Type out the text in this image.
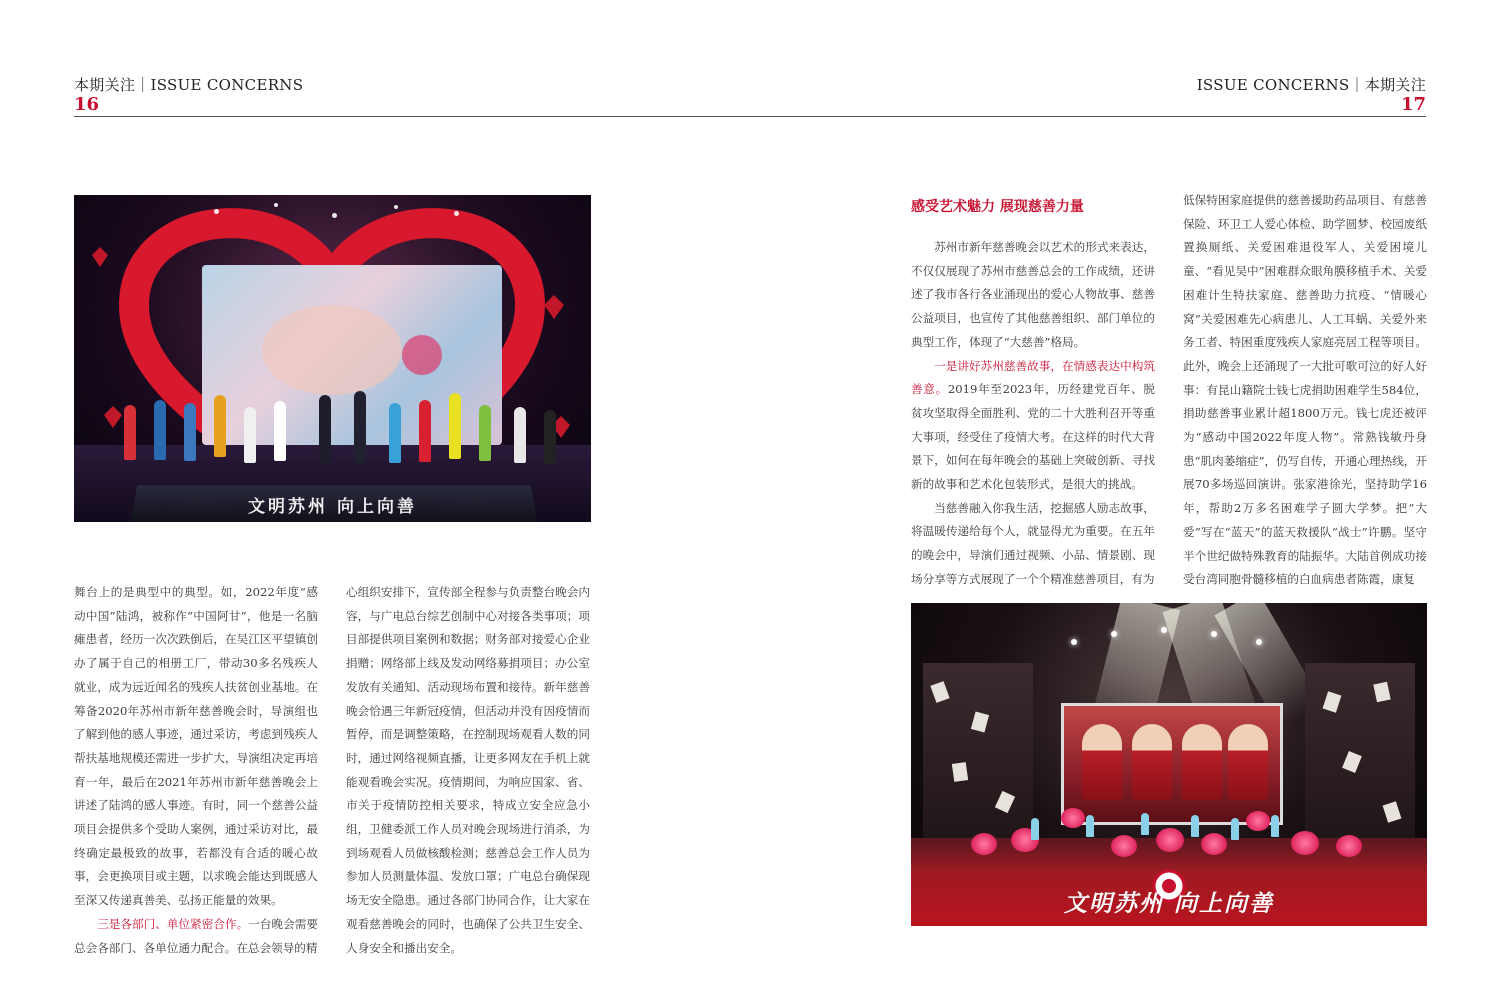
本期关注｜ISSUE CONCERNS
16
ISSUE CONCERNS｜本期关注
17
文明苏州 向上向善
感受艺术魅力 展现慈善力量

苏州市新年慈善晚会以艺术的形式来表达，不仅仅展现了苏州市慈善总会的工作成绩，还讲述了我市各行各业涌现出的爱心人物故事、慈善公益项目，也宣传了其他慈善组织、部门单位的典型工作，体现了“大慈善”格局。

一是讲好苏州慈善故事，在情感表达中构筑善意。2019年至2023年，历经建党百年、脱贫攻坚取得全面胜利、党的二十大胜利召开等重大事项，经受住了疫情大考。在这样的时代大背景下，如何在每年晚会的基础上突破创新、寻找新的故事和艺术化包装形式，是很大的挑战。

当慈善融入你我生活，挖掘感人励志故事，将温暖传递给每个人，就显得尤为重要。在五年的晚会中，导演们通过视频、小品、情景剧、现场分享等方式展现了一个个精准慈善项目，有为

低保特困家庭提供的慈善援助药品项目、有慈善保险、环卫工人爱心体检、助学圆梦、校园废纸置换厕纸、关爱困难退役军人、关爱困境儿童、“看见吴中”困难群众眼角膜移植手术、关爱困难计生特扶家庭、慈善助力抗疫、“情暖心窝”关爱困难先心病患儿、人工耳蜗、关爱外来务工者、特困重度残疾人家庭亮居工程等项目。此外，晚会上还涌现了一大批可歌可泣的好人好事：有昆山籍院士钱七虎捐助困难学生584位，捐助慈善事业累计超1800万元。钱七虎还被评为“感动中国2022年度人物”。常熟钱敏丹身患“肌肉萎缩症”，仍写自传，开通心理热线，开展70多场巡回演讲。张家港徐光，坚持助学16年，帮助2万多名困难学子圆大学梦。把“大爱”写在“蓝天”的蓝天救援队“战士”许鹏。坚守半个世纪做特殊教育的陆振华。大陆首例成功接受台湾同胞骨髓移植的白血病患者陈霞，康复

舞台上的是典型中的典型。如，2022年度“感动中国”陆鸿，被称作“中国阿甘”，他是一名脑瘫患者，经历一次次跌倒后，在吴江区平望镇创办了属于自己的相册工厂，带动30多名残疾人就业，成为远近闻名的残疾人扶贫创业基地。在筹备2020年苏州市新年慈善晚会时，导演组也了解到他的感人事迹，通过采访，考虑到残疾人帮扶基地规模还需进一步扩大，导演组决定再培育一年，最后在2021年苏州市新年慈善晚会上讲述了陆鸿的感人事迹。有时，同一个慈善公益项目会提供多个受助人案例，通过采访对比，最终确定最极致的故事，若都没有合适的暖心故事，会更换项目或主题，以求晚会能达到既感人至深又传递真善美、弘扬正能量的效果。

三是各部门、单位紧密合作。一台晚会需要总会各部门、各单位通力配合。在总会领导的精

心组织安排下，宣传部全程参与负责整台晚会内容，与广电总台综艺创制中心对接各类事项；项目部提供项目案例和数据；财务部对接爱心企业捐赠；网络部上线及发动网络募捐项目；办公室发放有关通知、活动现场布置和接待。新年慈善晚会恰遇三年新冠疫情，但活动并没有因疫情而暂停，而是调整策略，在控制现场观看人数的同时，通过网络视频直播，让更多网友在手机上就能观看晚会实况。疫情期间，为响应国家、省、市关于疫情防控相关要求，特成立安全应急小组，卫健委派工作人员对晚会现场进行消杀，为到场观看人员做核酸检测；慈善总会工作人员为参加人员测量体温、发放口罩；广电总台确保现场无安全隐患。通过各部门协同合作，让大家在观看慈善晚会的同时，也确保了公共卫生安全、人身安全和播出安全。

文明苏州 向上向善
